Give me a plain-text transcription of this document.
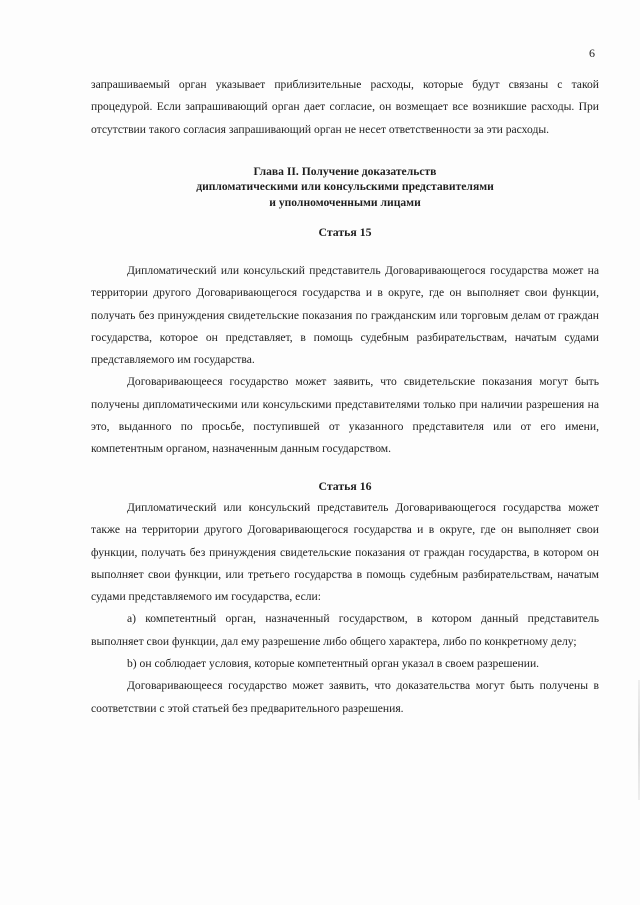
6

запрашиваемый орган указывает приблизительные расходы, которые будут связаны с такой процедурой. Если запрашивающий орган дает согласие, он возмещает все возникшие расходы. При отсутствии такого согласия запрашивающий орган не несет ответственности за эти расходы.

Глава II. Получение доказательств
дипломатическими или консульскими представителями
и уполномоченными лицами
Статья 15

Дипломатический или консульский представитель Договаривающегося государства может на территории другого Договаривающегося государства и в округе, где он выполняет свои функции, получать без принуждения свидетельские показания по гражданским или торговым делам от граждан государства, которое он представляет, в помощь судебным разбирательствам, начатым судами представляемого им государства.

Договаривающееся государство может заявить, что свидетельские показания могут быть получены дипломатическими или консульскими представителями только при наличии разрешения на это, выданного по просьбе, поступившей от указанного представителя или от его имени, компетентным органом, назначенным данным государством.

Статья 16

Дипломатический или консульский представитель Договаривающегося государства может также на территории другого Договаривающегося государства и в округе, где он выполняет свои функции, получать без принуждения свидетельские показания от граждан государства, в котором он выполняет свои функции, или третьего государства в помощь судебным разбирательствам, начатым судами представляемого им государства, если:

а) компетентный орган, назначенный государством, в котором данный представитель выполняет свои функции, дал ему разрешение либо общего характера, либо по конкретному делу;

b) он соблюдает условия, которые компетентный орган указал в своем разрешении.

Договаривающееся государство может заявить, что доказательства могут быть получены в соответствии с этой статьей без предварительного разрешения.
